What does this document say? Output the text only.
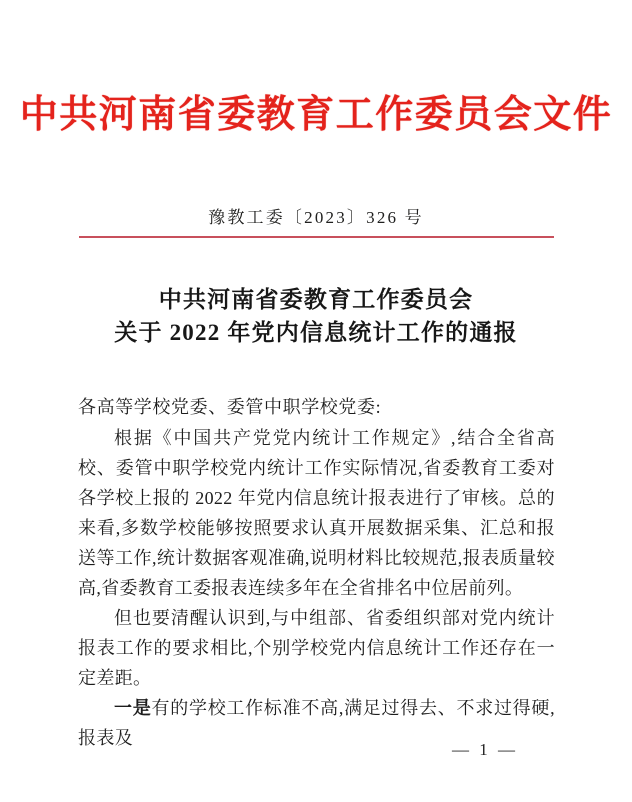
中共河南省委教育工作委员会文件
豫教工委〔2023〕326 号
中共河南省委教育工作委员会
关于 2022 年党内信息统计工作的通报

各高等学校党委、委管中职学校党委:

根据《中国共产党党内统计工作规定》,结合全省高校、委管中职学校党内统计工作实际情况,省委教育工委对各学校上报的 2022 年党内信息统计报表进行了审核。总的来看,多数学校能够按照要求认真开展数据采集、汇总和报送等工作,统计数据客观准确,说明材料比较规范,报表质量较高,省委教育工委报表连续多年在全省排名中位居前列。

但也要清醒认识到,与中组部、省委组织部对党内统计报表工作的要求相比,个别学校党内信息统计工作还存在一定差距。

一是有的学校工作标准不高,满足过得去、不求过得硬,报表及

— 1 —
